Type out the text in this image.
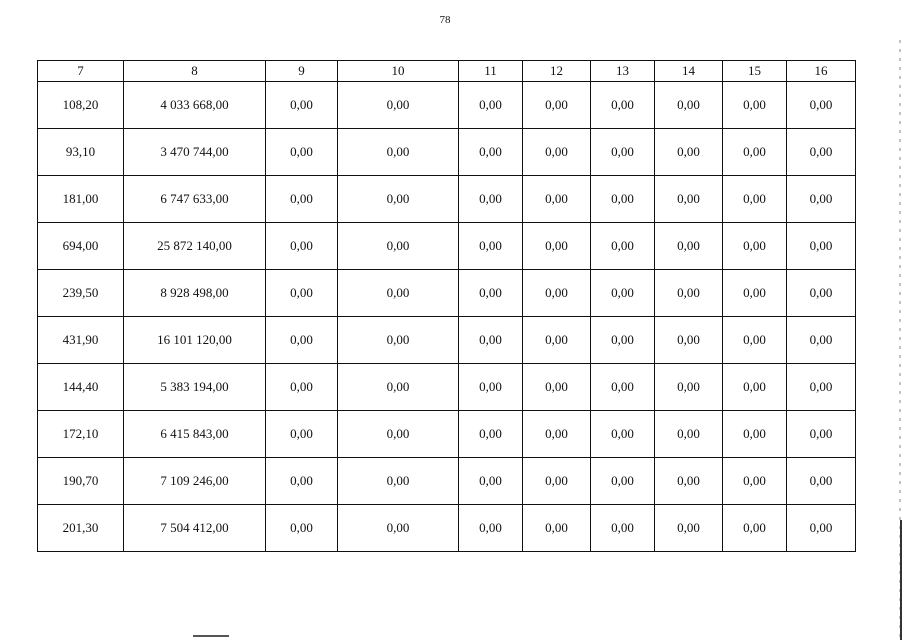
78
7	8	9	10	11	12	13	14	15	16
108,20	4 033 668,00	0,00	0,00	0,00	0,00	0,00	0,00	0,00	0,00
93,10	3 470 744,00	0,00	0,00	0,00	0,00	0,00	0,00	0,00	0,00
181,00	6 747 633,00	0,00	0,00	0,00	0,00	0,00	0,00	0,00	0,00
694,00	25 872 140,00	0,00	0,00	0,00	0,00	0,00	0,00	0,00	0,00
239,50	8 928 498,00	0,00	0,00	0,00	0,00	0,00	0,00	0,00	0,00
431,90	16 101 120,00	0,00	0,00	0,00	0,00	0,00	0,00	0,00	0,00
144,40	5 383 194,00	0,00	0,00	0,00	0,00	0,00	0,00	0,00	0,00
172,10	6 415 843,00	0,00	0,00	0,00	0,00	0,00	0,00	0,00	0,00
190,70	7 109 246,00	0,00	0,00	0,00	0,00	0,00	0,00	0,00	0,00
201,30	7 504 412,00	0,00	0,00	0,00	0,00	0,00	0,00	0,00	0,00
